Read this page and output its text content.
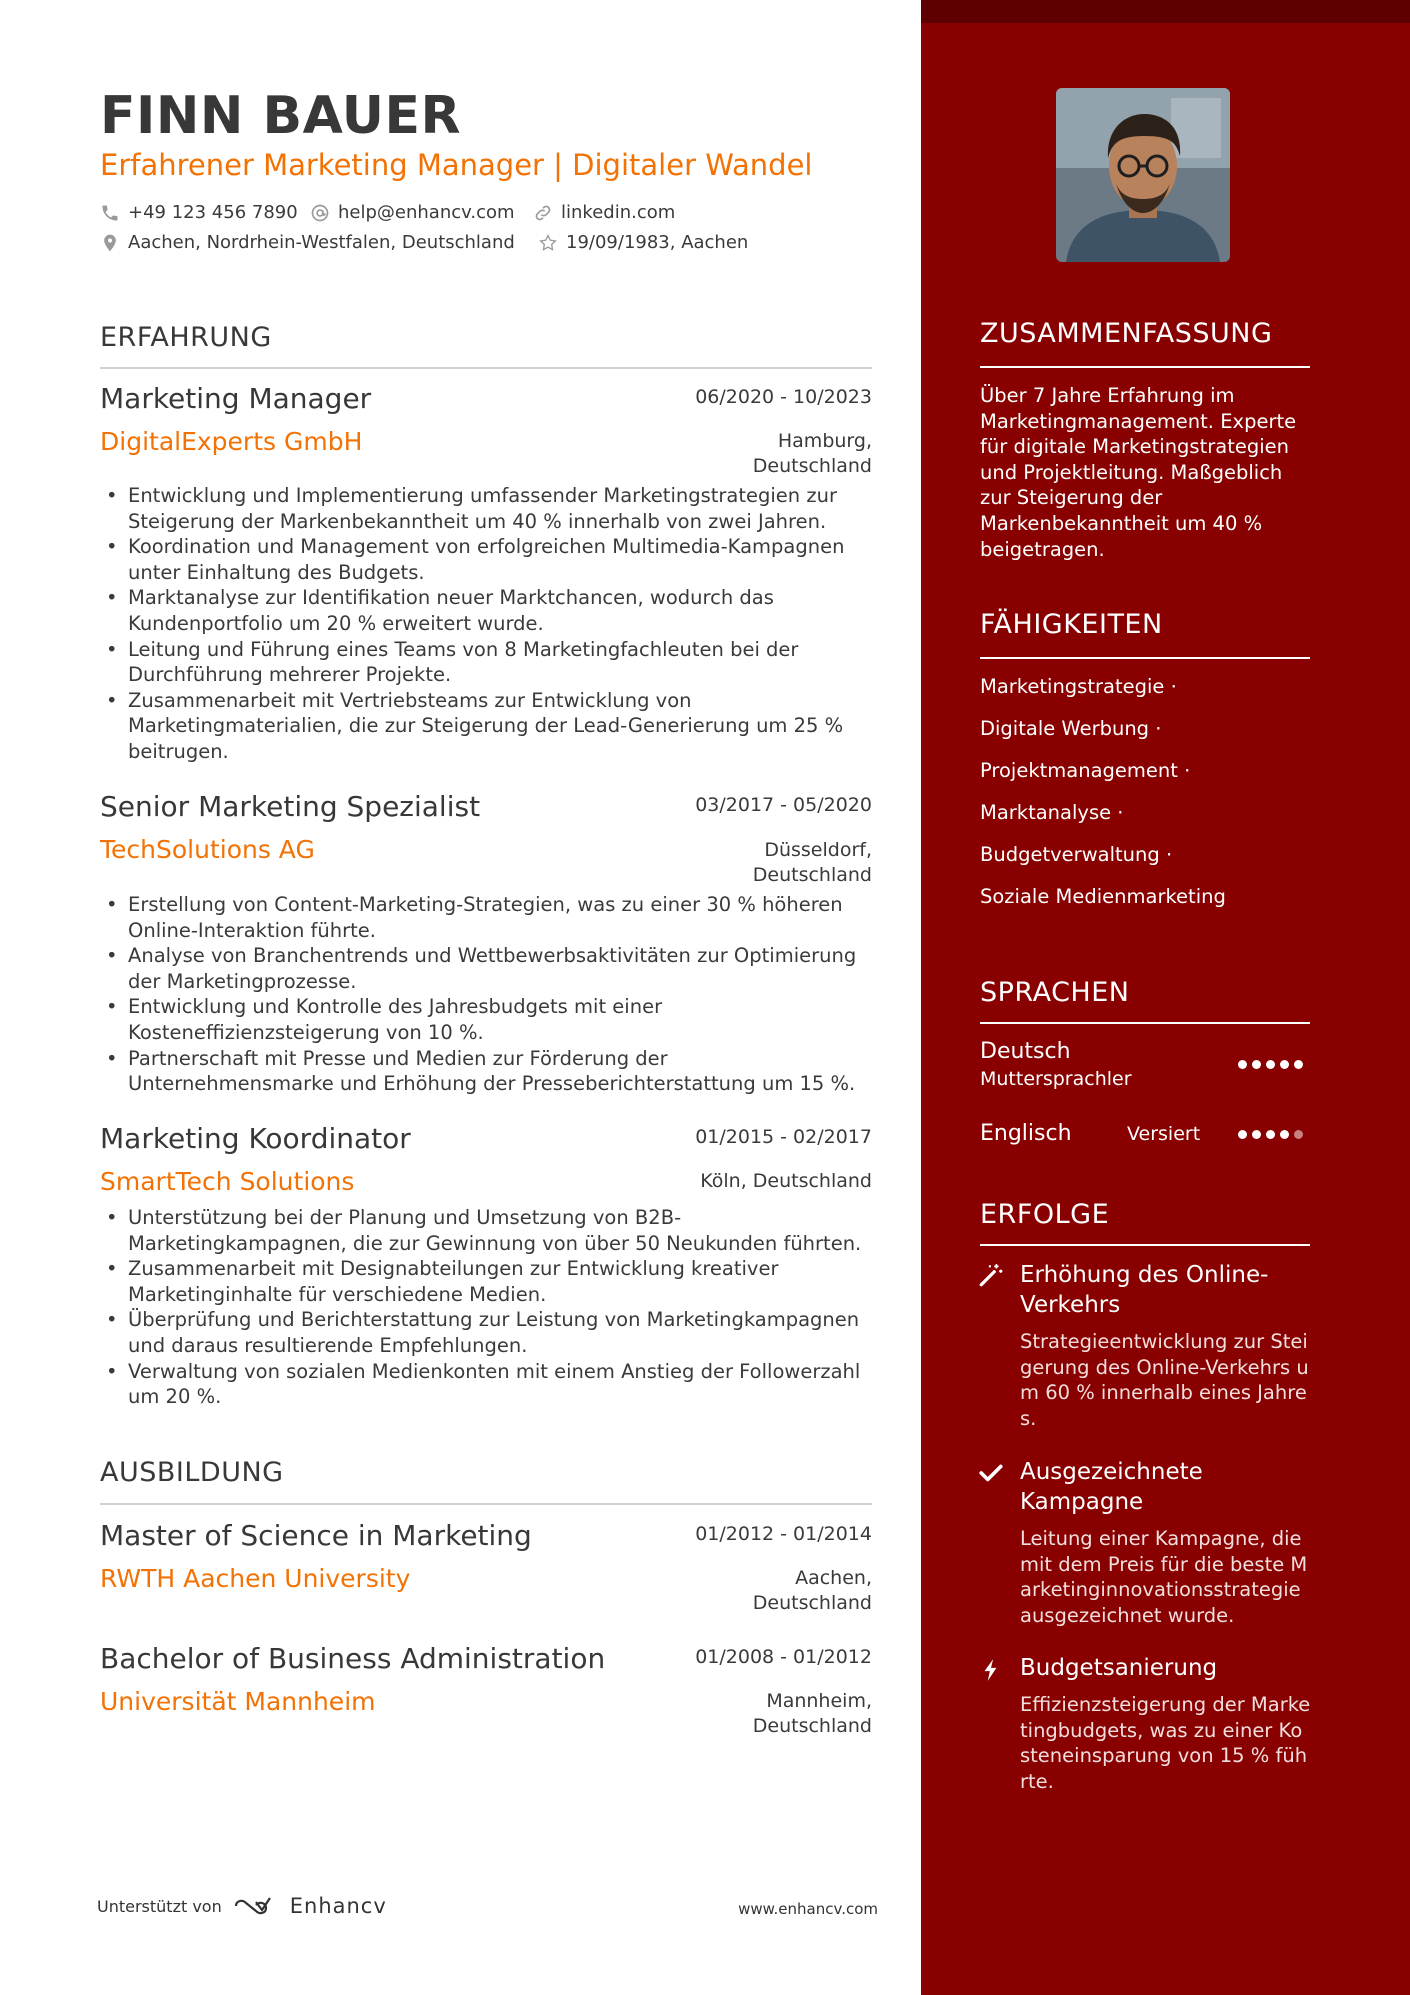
FINN BAUER
Erfahrener Marketing Manager | Digitaler Wandel
+49 123 456 7890 help@enhancv.com	linkedin.com
Aachen, Nordrhein-Westfalen, Deutschland	19/09/1983, Aachen
ERFAHRUNG
Marketing Manager	06/2020 - 10/2023
DigitalExperts GmbH	Hamburg,
Deutschland
• Entwicklung und Implementierung umfassender Marketingstrategien zur Steigerung der Markenbekanntheit um 40 % innerhalb von zwei Jahren.
• Koordination und Management von erfolgreichen Multimedia-Kampagnen unter Einhaltung des Budgets.
• Marktanalyse zur Identifikation neuer Marktchancen, wodurch das Kundenportfolio um 20 % erweitert wurde.
• Leitung und Führung eines Teams von 8 Marketingfachleuten bei der Durchführung mehrerer Projekte.
• Zusammenarbeit mit Vertriebsteams zur Entwicklung von Marketingmaterialien, die zur Steigerung der Lead-Generierung um 25 % beitrugen.
Senior Marketing Spezialist	03/2017 - 05/2020
TechSolutions AG	Düsseldorf,
Deutschland
• Erstellung von Content-Marketing-Strategien, was zu einer 30 % höheren Online-Interaktion führte.
• Analyse von Branchentrends und Wettbewerbsaktivitäten zur Optimierung der Marketingprozesse.
• Entwicklung und Kontrolle des Jahresbudgets mit einer Kosteneffizienzsteigerung von 10 %.
• Partnerschaft mit Presse und Medien zur Förderung der Unternehmensmarke und Erhöhung der Presseberichterstattung um 15 %.
Marketing Koordinator	01/2015 - 02/2017
SmartTech Solutions	Köln, Deutschland
• Unterstützung bei der Planung und Umsetzung von B2B-Marketingkampagnen, die zur Gewinnung von über 50 Neukunden führten.
• Zusammenarbeit mit Designabteilungen zur Entwicklung kreativer Marketinginhalte für verschiedene Medien.
• Überprüfung und Berichterstattung zur Leistung von Marketingkampagnen und daraus resultierende Empfehlungen.
• Verwaltung von sozialen Medienkonten mit einem Anstieg der Followerzahl um 20 %.
AUSBILDUNG
Master of Science in Marketing	01/2012 - 01/2014
RWTH Aachen University	Aachen,
Deutschland
Bachelor of Business Administration	01/2008 - 01/2012
Universität Mannheim	Mannheim,
Deutschland
Unterstützt von	Enhancv	www.enhancv.com
ZUSAMMENFASSUNG
Über 7 Jahre Erfahrung im Marketingmanagement. Experte für digitale Marketingstrategien und Projektleitung. Maßgeblich zur Steigerung der Markenbekanntheit um 40 % beigetragen.
FÄHIGKEITEN
Marketingstrategie ·
Digitale Werbung ·
Projektmanagement ·
Marktanalyse ·
Budgetverwaltung ·
Soziale Medienmarketing
SPRACHEN
Deutsch
Muttersprachler
Englisch	Versiert
ERFOLGE
Erhöhung des Online-Verkehrs
Strategieentwicklung zur Steigerung des Online-Verkehrs um 60 % innerhalb eines Jahres.
Ausgezeichnete Kampagne
Leitung einer Kampagne, die mit dem Preis für die beste Marketinginnovationsstrategie ausgezeichnet wurde.
Budgetsanierung
Effizienzsteigerung der Marketingbudgets, was zu einer Kosteneinsparung von 15 % führte.
